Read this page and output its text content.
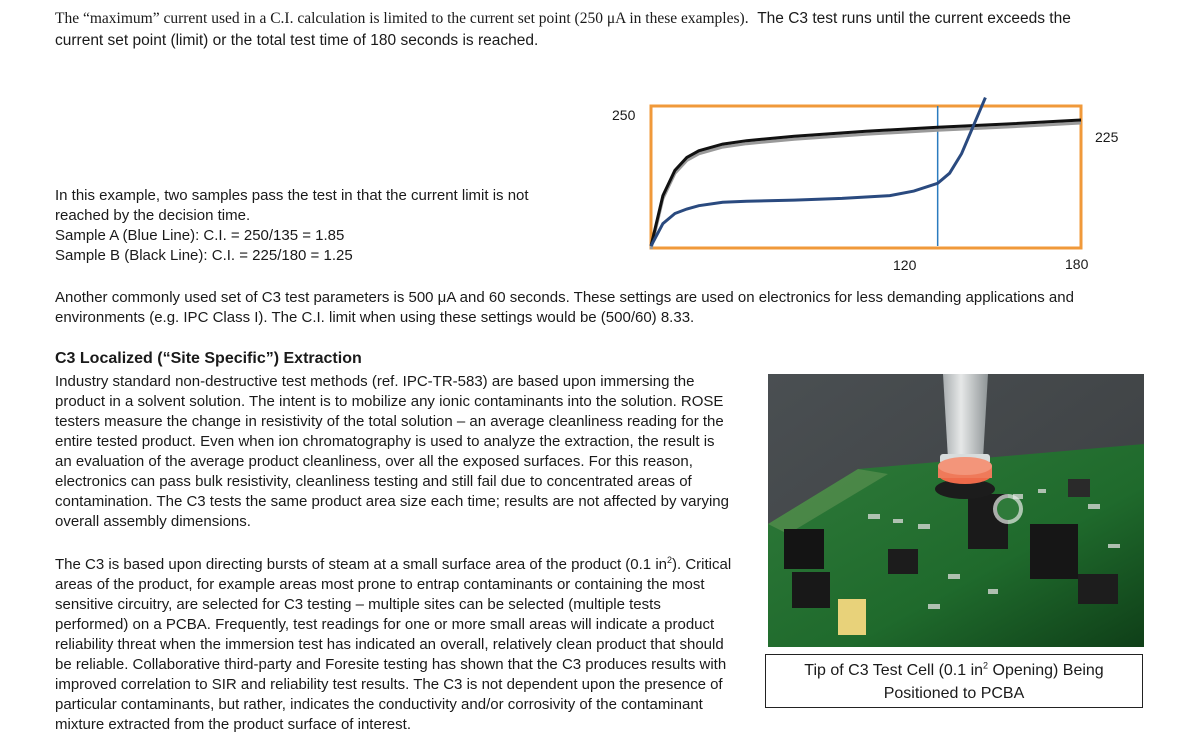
The “maximum” current used in a C.I. calculation is limited to the current set point (250 μA in these examples). The C3 test runs until the current exceeds the
current set point (limit) or the total test time of 180 seconds is reached.
In this example, two samples pass the test in that the current limit is not
reached by the decision time.
Sample A (Blue Line): C.I. = 250/135 = 1.85
Sample B (Black Line): C.I. = 225/180 = 1.25
250
225
120	180
Another commonly used set of C3 test parameters is 500 μA and 60 seconds. These settings are used on electronics for less demanding applications and
environments (e.g. IPC Class I). The C.I. limit when using these settings would be (500/60) 8.33.
C3 Localized (“Site Specific”) Extraction
Industry standard non-destructive test methods (ref. IPC-TR-583) are based upon immersing the
product in a solvent solution. The intent is to mobilize any ionic contaminants into the solution. ROSE
testers measure the change in resistivity of the total solution – an average cleanliness reading for the
entire tested product. Even when ion chromatography is used to analyze the extraction, the result is
an evaluation of the average product cleanliness, over all the exposed surfaces. For this reason,
electronics can pass bulk resistivity, cleanliness testing and still fail due to concentrated areas of
contamination. The C3 tests the same product area size each time; results are not affected by varying
overall assembly dimensions.
The C3 is based upon directing bursts of steam at a small surface area of the product (0.1 $in^2$). Critical
areas of the product, for example areas most prone to entrap contaminants or containing the most
sensitive circuitry, are selected for C3 testing – multiple sites can be selected (multiple tests
performed) on a PCBA. Frequently, test readings for one or more small areas will indicate a product
reliability threat when the immersion test has indicated an overall, relatively clean product that should
be reliable. Collaborative third-party and Foresite testing has shown that the C3 produces results with
improved correlation to SIR and reliability test results. The C3 is not dependent upon the presence of
particular contaminants, but rather, indicates the conductivity and/or corrosivity of the contaminant
mixture extracted from the product surface of interest.
Tip of C3 Test Cell (0.1 $in^2$ Opening) Being
Positioned to PCBA
